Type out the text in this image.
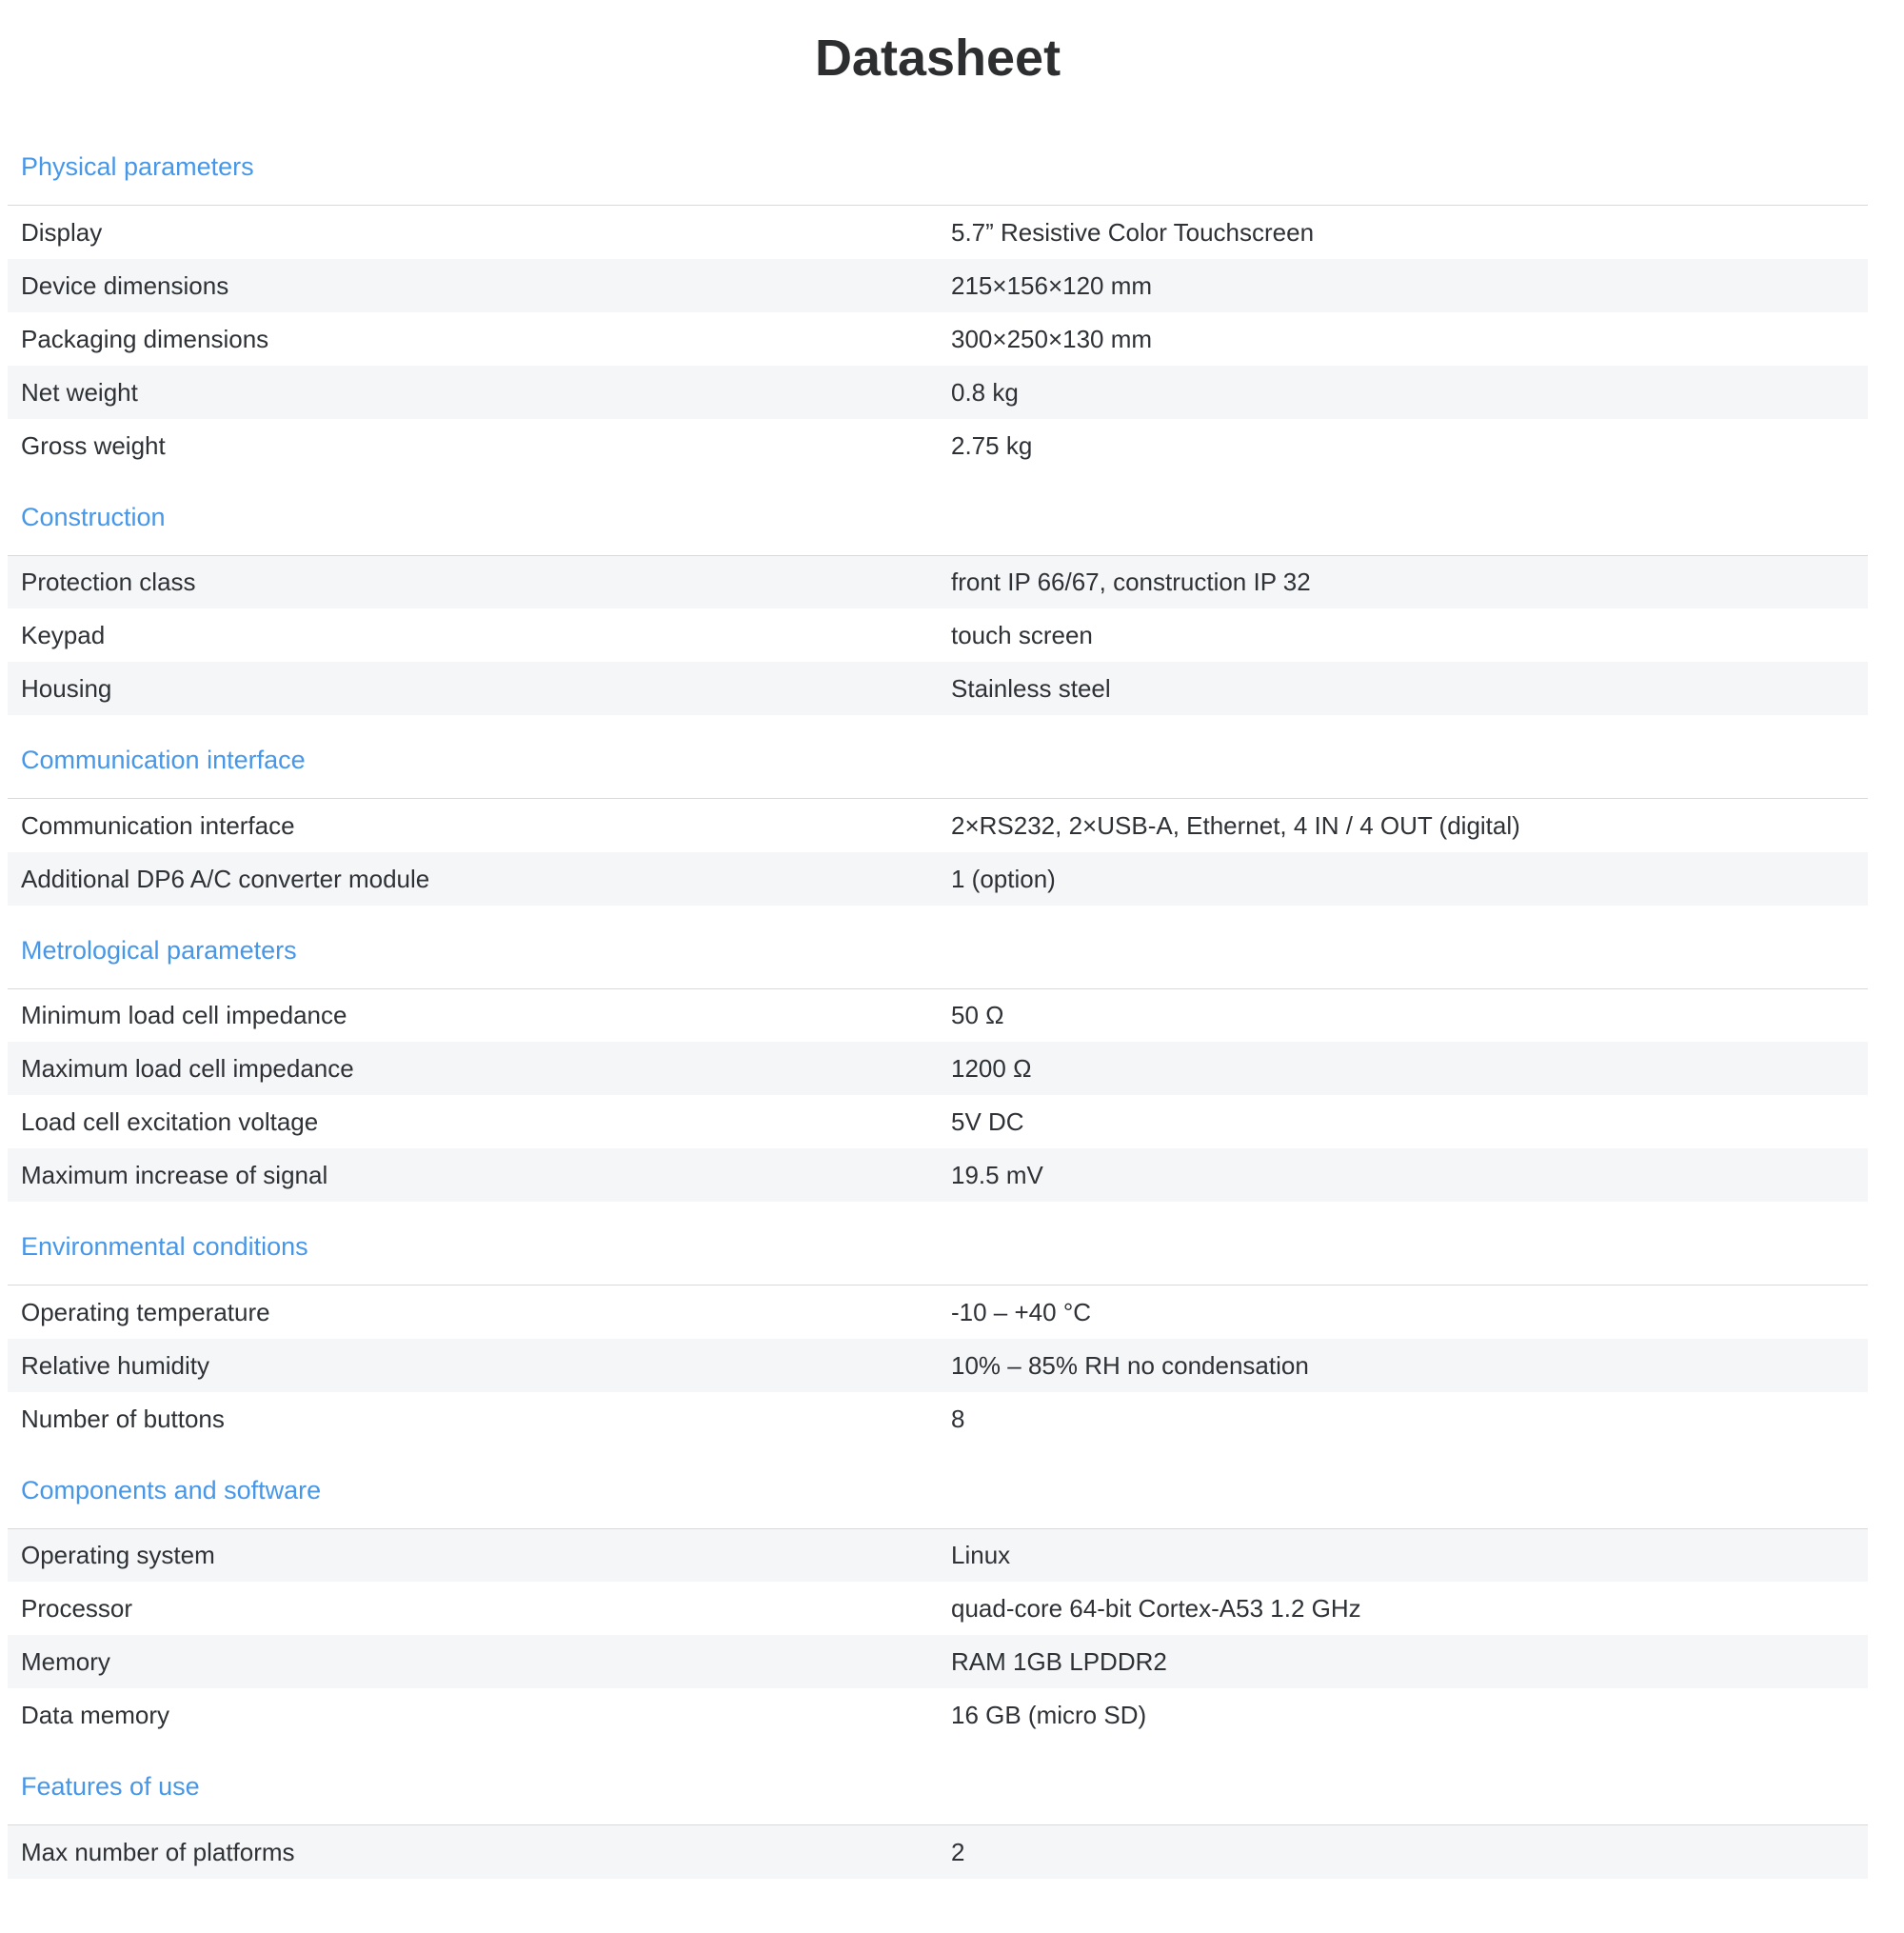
Datasheet
Physical parameters
Display	5.7” Resistive Color Touchscreen
Device dimensions	215×156×120 mm
Packaging dimensions	300×250×130 mm
Net weight	0.8 kg
Gross weight	2.75 kg
Construction
Protection class	front IP 66/67, construction IP 32
Keypad	touch screen
Housing	Stainless steel
Communication interface
Communication interface	2×RS232, 2×USB-A, Ethernet, 4 IN / 4 OUT (digital)
Additional DP6 A/C converter module	1 (option)
Metrological parameters
Minimum load cell impedance	50 Ω
Maximum load cell impedance	1200 Ω
Load cell excitation voltage	5V DC
Maximum increase of signal	19.5 mV
Environmental conditions
Operating temperature	-10 – +40 °C
Relative humidity	10% – 85% RH no condensation
Number of buttons	8
Components and software
Operating system	Linux
Processor	quad-core 64-bit Cortex-A53 1.2 GHz
Memory	RAM 1GB LPDDR2
Data memory	16 GB (micro SD)
Features of use
Max number of platforms	2
